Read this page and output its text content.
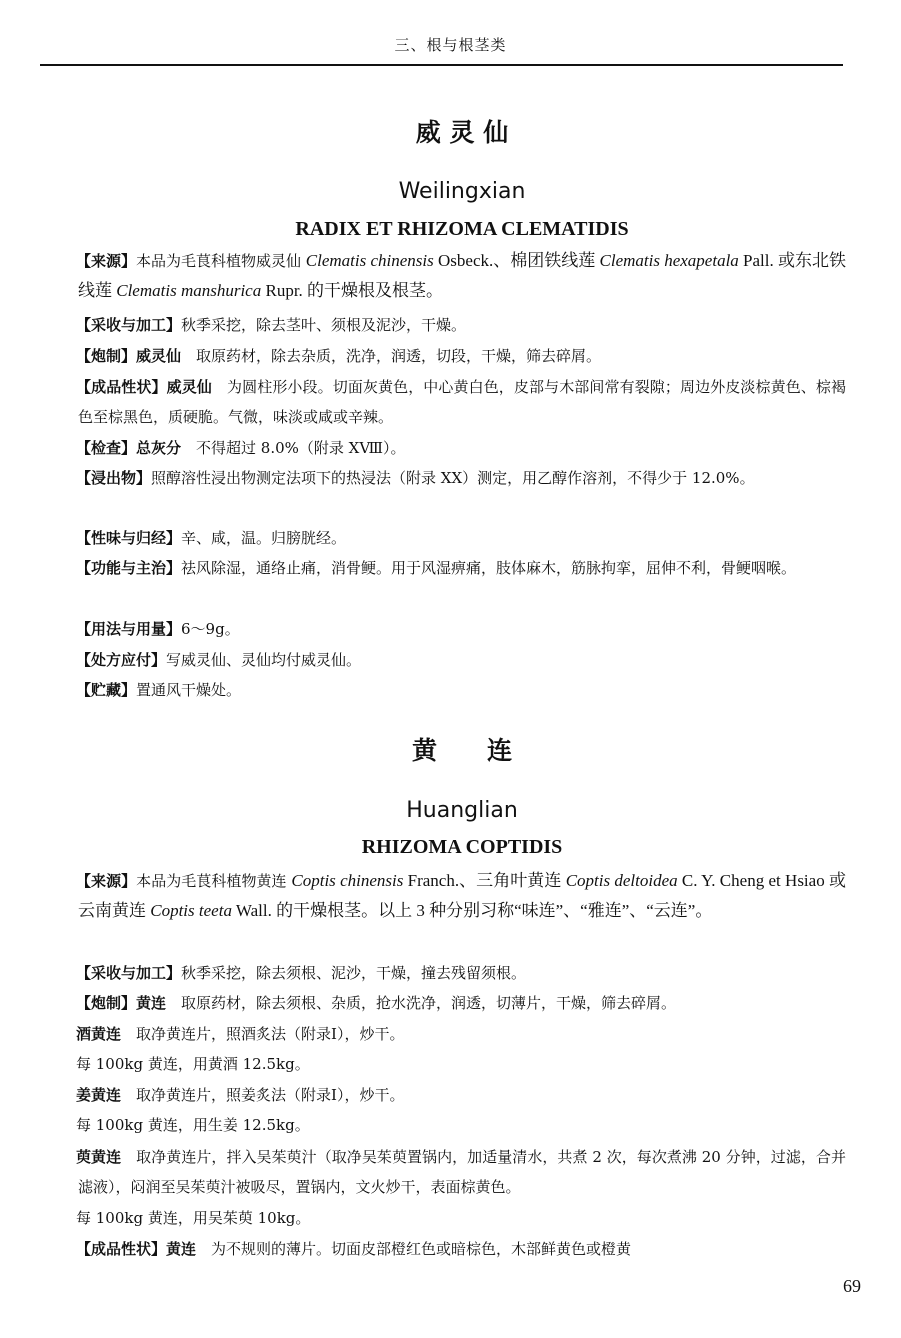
三、根与根茎类
威 灵 仙
Weilingxian
RADIX ET RHIZOMA CLEMATIDIS
【来源】本品为毛茛科植物威灵仙 Clematis chinensis Osbeck.、棉团铁线莲 Clematis hexapetala Pall. 或东北铁线莲 Clematis manshurica Rupr. 的干燥根及根茎。
【采收与加工】秋季采挖，除去茎叶、须根及泥沙，干燥。
【炮制】威灵仙　取原药材，除去杂质，洗净，润透，切段，干燥，筛去碎屑。
【成品性状】威灵仙　为圆柱形小段。切面灰黄色，中心黄白色，皮部与木部间常有裂隙；周边外皮淡棕黄色、棕褐色至棕黑色，质硬脆。气微，味淡或咸或辛辣。
【检查】总灰分　不得超过 8.0%（附录 XⅧ）。
【浸出物】照醇溶性浸出物测定法项下的热浸法（附录 XX）测定，用乙醇作溶剂，不得少于 12.0%。
【性味与归经】辛、咸，温。归膀胱经。
【功能与主治】祛风除湿，通络止痛，消骨鲠。用于风湿痹痛，肢体麻木，筋脉拘挛，屈伸不利，骨鲠咽喉。
【用法与用量】6～9g。
【处方应付】写威灵仙、灵仙均付威灵仙。
【贮藏】置通风干燥处。
黄　　连
Huanglian
RHIZOMA COPTIDIS
【来源】本品为毛茛科植物黄连 Coptis chinensis Franch.、三角叶黄连 Coptis deltoidea C. Y. Cheng et Hsiao 或云南黄连 Coptis teeta Wall. 的干燥根茎。以上 3 种分别习称“味连”、“雅连”、“云连”。
【采收与加工】秋季采挖，除去须根、泥沙，干燥，撞去残留须根。
【炮制】黄连　取原药材，除去须根、杂质，抢水洗净，润透，切薄片，干燥，筛去碎屑。
酒黄连　取净黄连片，照酒炙法（附录Ⅰ），炒干。
每 100kg 黄连，用黄酒 12.5kg。
姜黄连　取净黄连片，照姜炙法（附录Ⅰ），炒干。
每 100kg 黄连，用生姜 12.5kg。
萸黄连　取净黄连片，拌入吴茱萸汁（取净吴茱萸置锅内，加适量清水，共煮 2 次，每次煮沸 20 分钟，过滤，合并滤液），闷润至吴茱萸汁被吸尽，置锅内，文火炒干，表面棕黄色。
每 100kg 黄连，用吴茱萸 10kg。
【成品性状】黄连　为不规则的薄片。切面皮部橙红色或暗棕色，木部鲜黄色或橙黄
69
